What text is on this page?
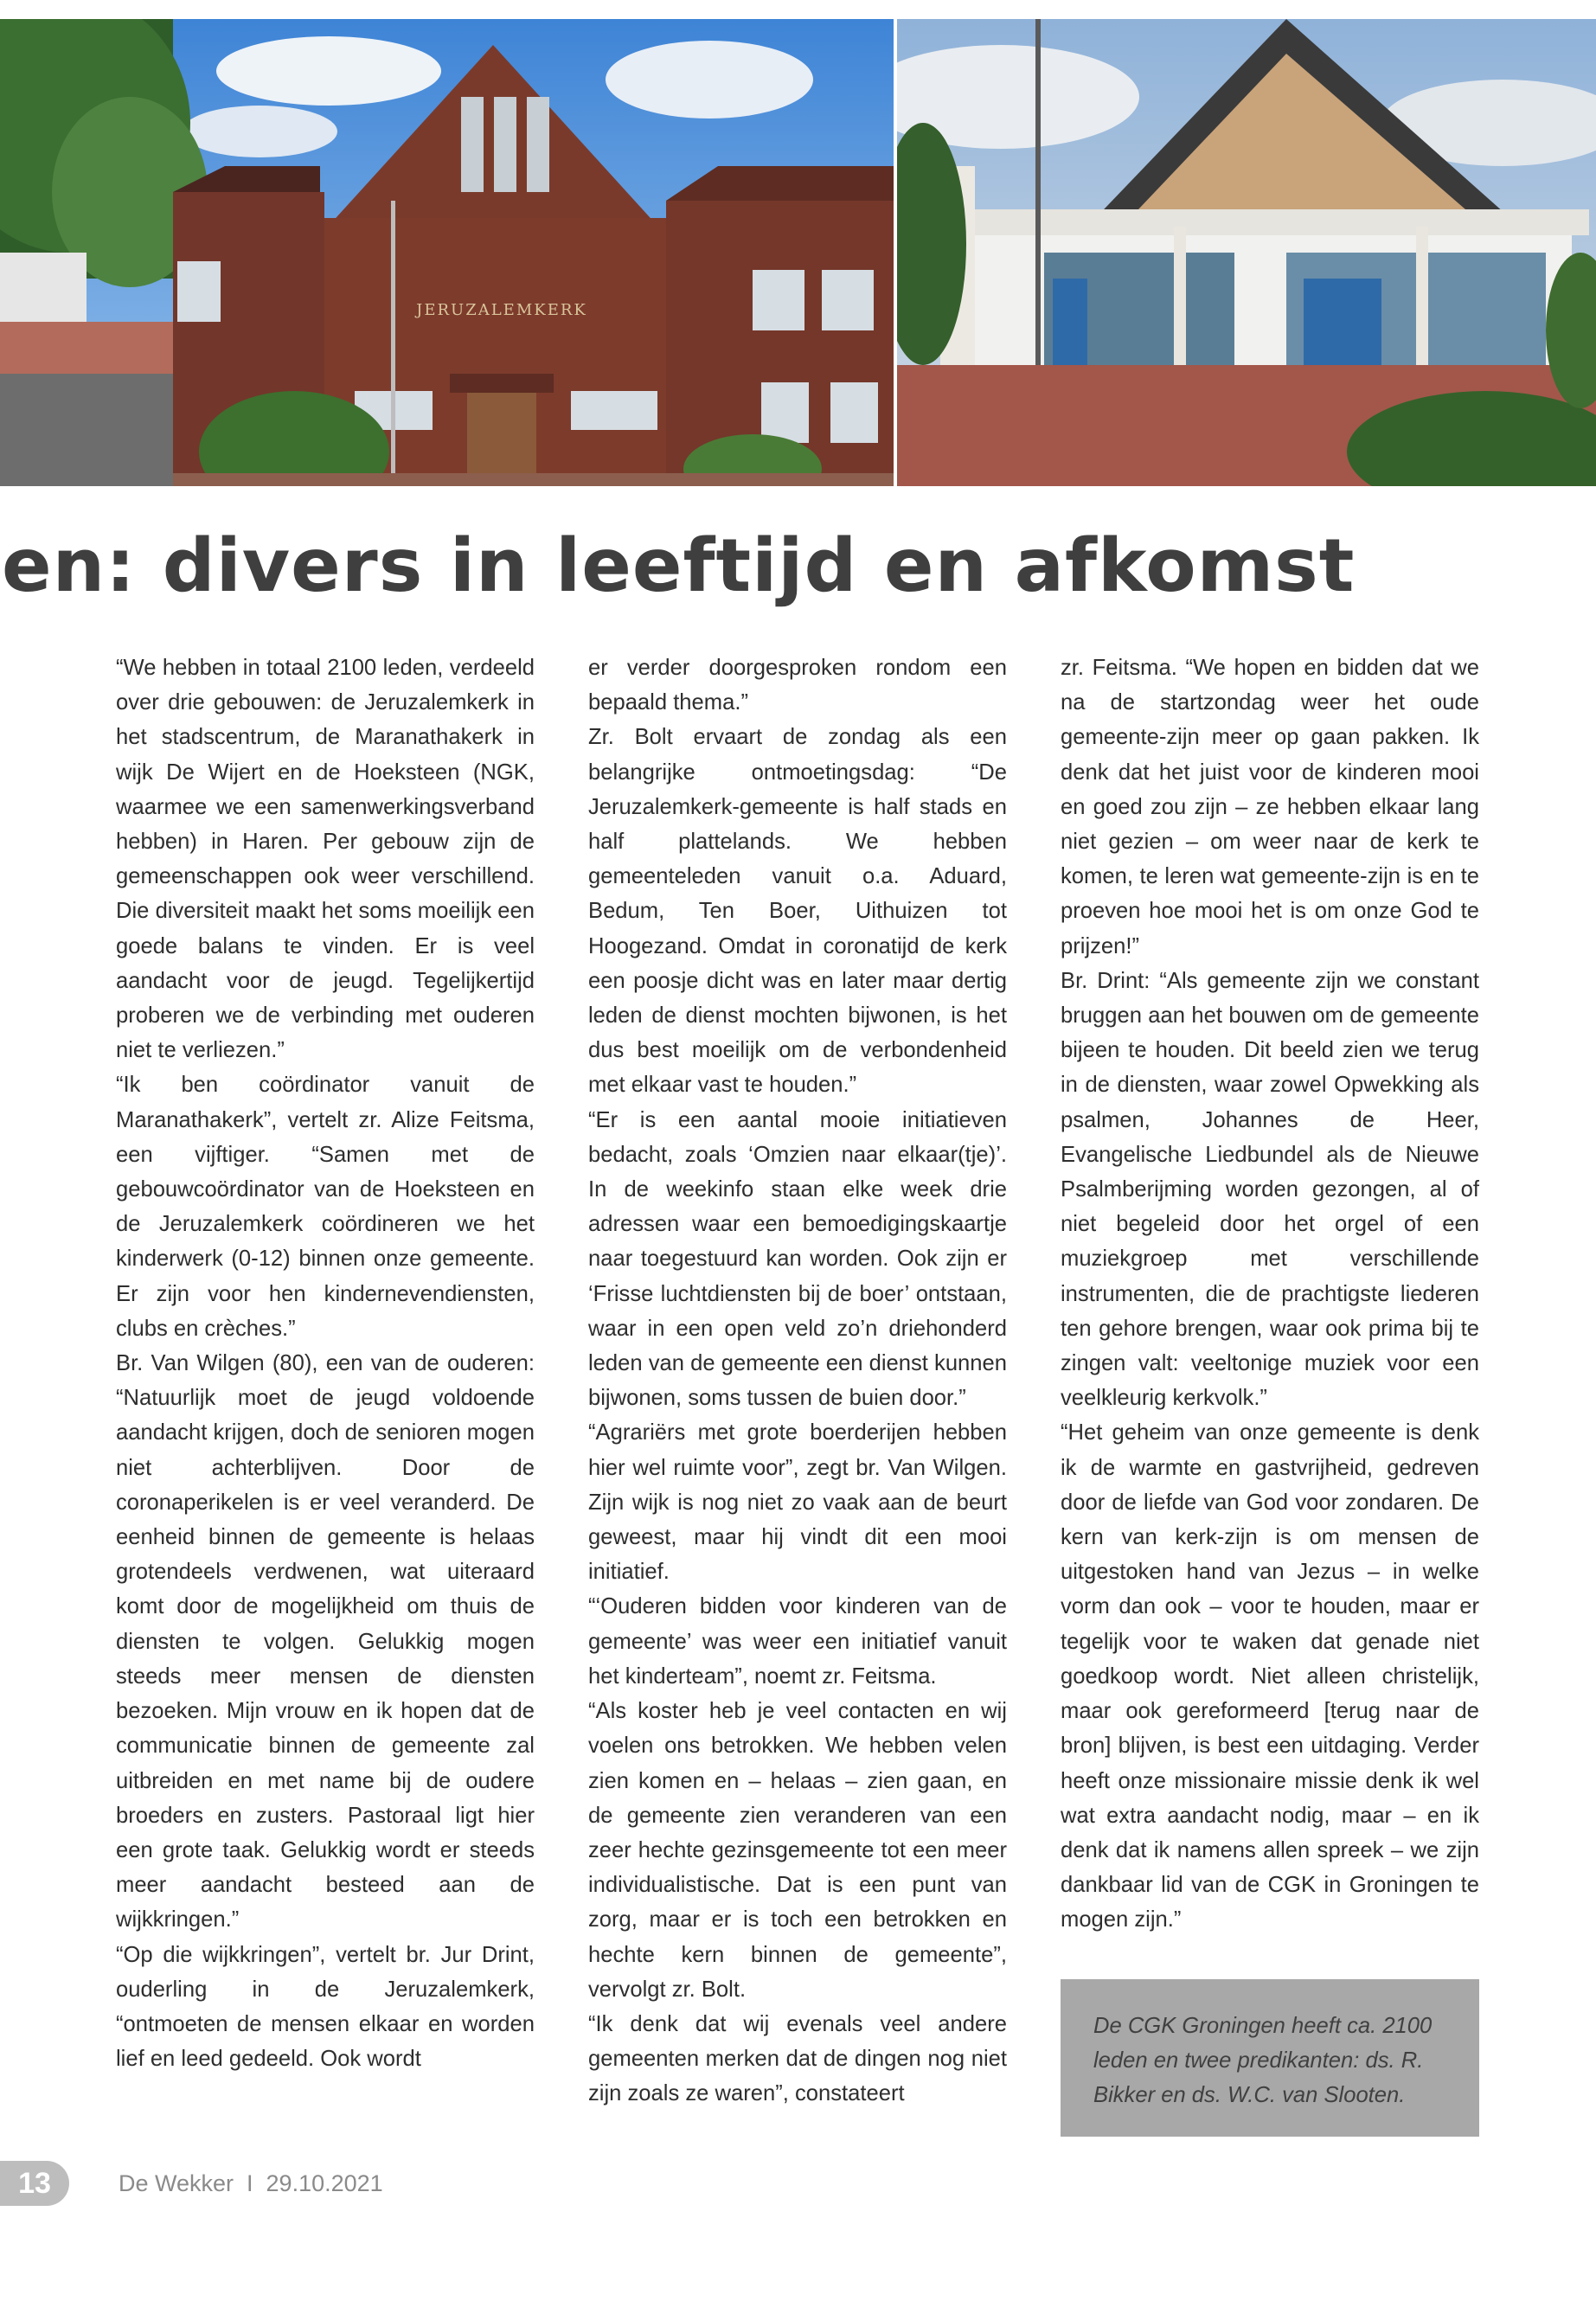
JERUZALEMKERK
en: divers in leeftijd en afkomst

“We hebben in totaal 2100 leden, verdeeld over drie gebouwen: de Jeruzalemkerk in het stadscentrum, de Maranathakerk in wijk De Wijert en de Hoeksteen (NGK, waarmee we een samenwerkingsverband hebben) in Haren. Per gebouw zijn de gemeenschappen ook weer verschillend. Die diversiteit maakt het soms moeilijk een goede balans te vinden. Er is veel aandacht voor de jeugd. Tegelijkertijd proberen we de verbinding met ouderen niet te verliezen.”

“Ik ben coördinator vanuit de Maranathakerk”, vertelt zr. Alize Feitsma, een vijftiger. “Samen met de gebouwcoördinator van de Hoeksteen en de Jeruzalemkerk coördineren we het kinderwerk (0-12) binnen onze gemeente. Er zijn voor hen kindernevendiensten, clubs en crèches.”

Br. Van Wilgen (80), een van de ouderen: “Natuurlijk moet de jeugd voldoende aandacht krijgen, doch de senioren mogen niet achterblijven. Door de coronaperikelen is er veel veranderd. De eenheid binnen de gemeente is helaas grotendeels verdwenen, wat uiteraard komt door de mogelijkheid om thuis de diensten te volgen. Gelukkig mogen steeds meer mensen de diensten bezoeken. Mijn vrouw en ik hopen dat de communicatie binnen de gemeente zal uitbreiden en met name bij de oudere broeders en zusters. Pastoraal ligt hier een grote taak. Gelukkig wordt er steeds meer aandacht besteed aan de wijkkringen.”

“Op die wijkkringen”, vertelt br. Jur Drint, ouderling in de Jeruzalemkerk, “ontmoeten de mensen elkaar en worden lief en leed gedeeld. Ook wordt

er verder doorgesproken rondom een bepaald thema.”

Zr. Bolt ervaart de zondag als een belangrijke ontmoetingsdag: “De Jeruzalemkerk-gemeente is half stads en half plattelands. We hebben gemeenteleden vanuit o.a. Aduard, Bedum, Ten Boer, Uithuizen tot Hoogezand. Omdat in coronatijd de kerk een poosje dicht was en later maar dertig leden de dienst mochten bijwonen, is het dus best moeilijk om de verbondenheid met elkaar vast te houden.”

“Er is een aantal mooie initiatieven bedacht, zoals ‘Omzien naar elkaar(tje)’. In de weekinfo staan elke week drie adressen waar een bemoedigingskaartje naar toegestuurd kan worden. Ook zijn er ‘Frisse luchtdiensten bij de boer’ ontstaan, waar in een open veld zo’n driehonderd leden van de gemeente een dienst kunnen bijwonen, soms tussen de buien door.”

“Agrariërs met grote boerderijen hebben hier wel ruimte voor”, zegt br. Van Wilgen. Zijn wijk is nog niet zo vaak aan de beurt geweest, maar hij vindt dit een mooi initiatief.

“‘Ouderen bidden voor kinderen van de gemeente’ was weer een initiatief vanuit het kinderteam”, noemt zr. Feitsma.

“Als koster heb je veel contacten en wij voelen ons betrokken. We hebben velen zien komen en – helaas – zien gaan, en de gemeente zien veranderen van een zeer hechte gezinsgemeente tot een meer individualistische. Dat is een punt van zorg, maar er is toch een betrokken en hechte kern binnen de gemeente”, vervolgt zr. Bolt.

“Ik denk dat wij evenals veel andere gemeenten merken dat de dingen nog niet zijn zoals ze waren”, constateert

zr. Feitsma. “We hopen en bidden dat we na de startzondag weer het oude gemeente-zijn meer op gaan pakken. Ik denk dat het juist voor de kinderen mooi en goed zou zijn – ze hebben elkaar lang niet gezien – om weer naar de kerk te komen, te leren wat gemeente-zijn is en te proeven hoe mooi het is om onze God te prijzen!”

Br. Drint: “Als gemeente zijn we constant bruggen aan het bouwen om de gemeente bijeen te houden. Dit beeld zien we terug in de diensten, waar zowel Opwekking als psalmen, Johannes de Heer, Evangelische Liedbundel als de Nieuwe Psalmberijming worden gezongen, al of niet begeleid door het orgel of een muziekgroep met verschillende instrumenten, die de prachtigste liederen ten gehore brengen, waar ook prima bij te zingen valt: veeltonige muziek voor een veelkleurig kerkvolk.”

“Het geheim van onze gemeente is denk ik de warmte en gastvrijheid, gedreven door de liefde van God voor zondaren. De kern van kerk-zijn is om mensen de uitgestoken hand van Jezus – in welke vorm dan ook – voor te houden, maar er tegelijk voor te waken dat genade niet goedkoop wordt. Niet alleen christelijk, maar ook gereformeerd [terug naar de bron] blijven, is best een uitdaging. Verder heeft onze missionaire missie denk ik wel wat extra aandacht nodig, maar – en ik denk dat ik namens allen spreek – we zijn dankbaar lid van de CGK in Groningen te mogen zijn.”

De CGK Groningen heeft ca. 2100 leden en twee predikanten: ds. R. Bikker en ds. W.C. van Slooten.

13	De Wekker  I  29.10.2021
